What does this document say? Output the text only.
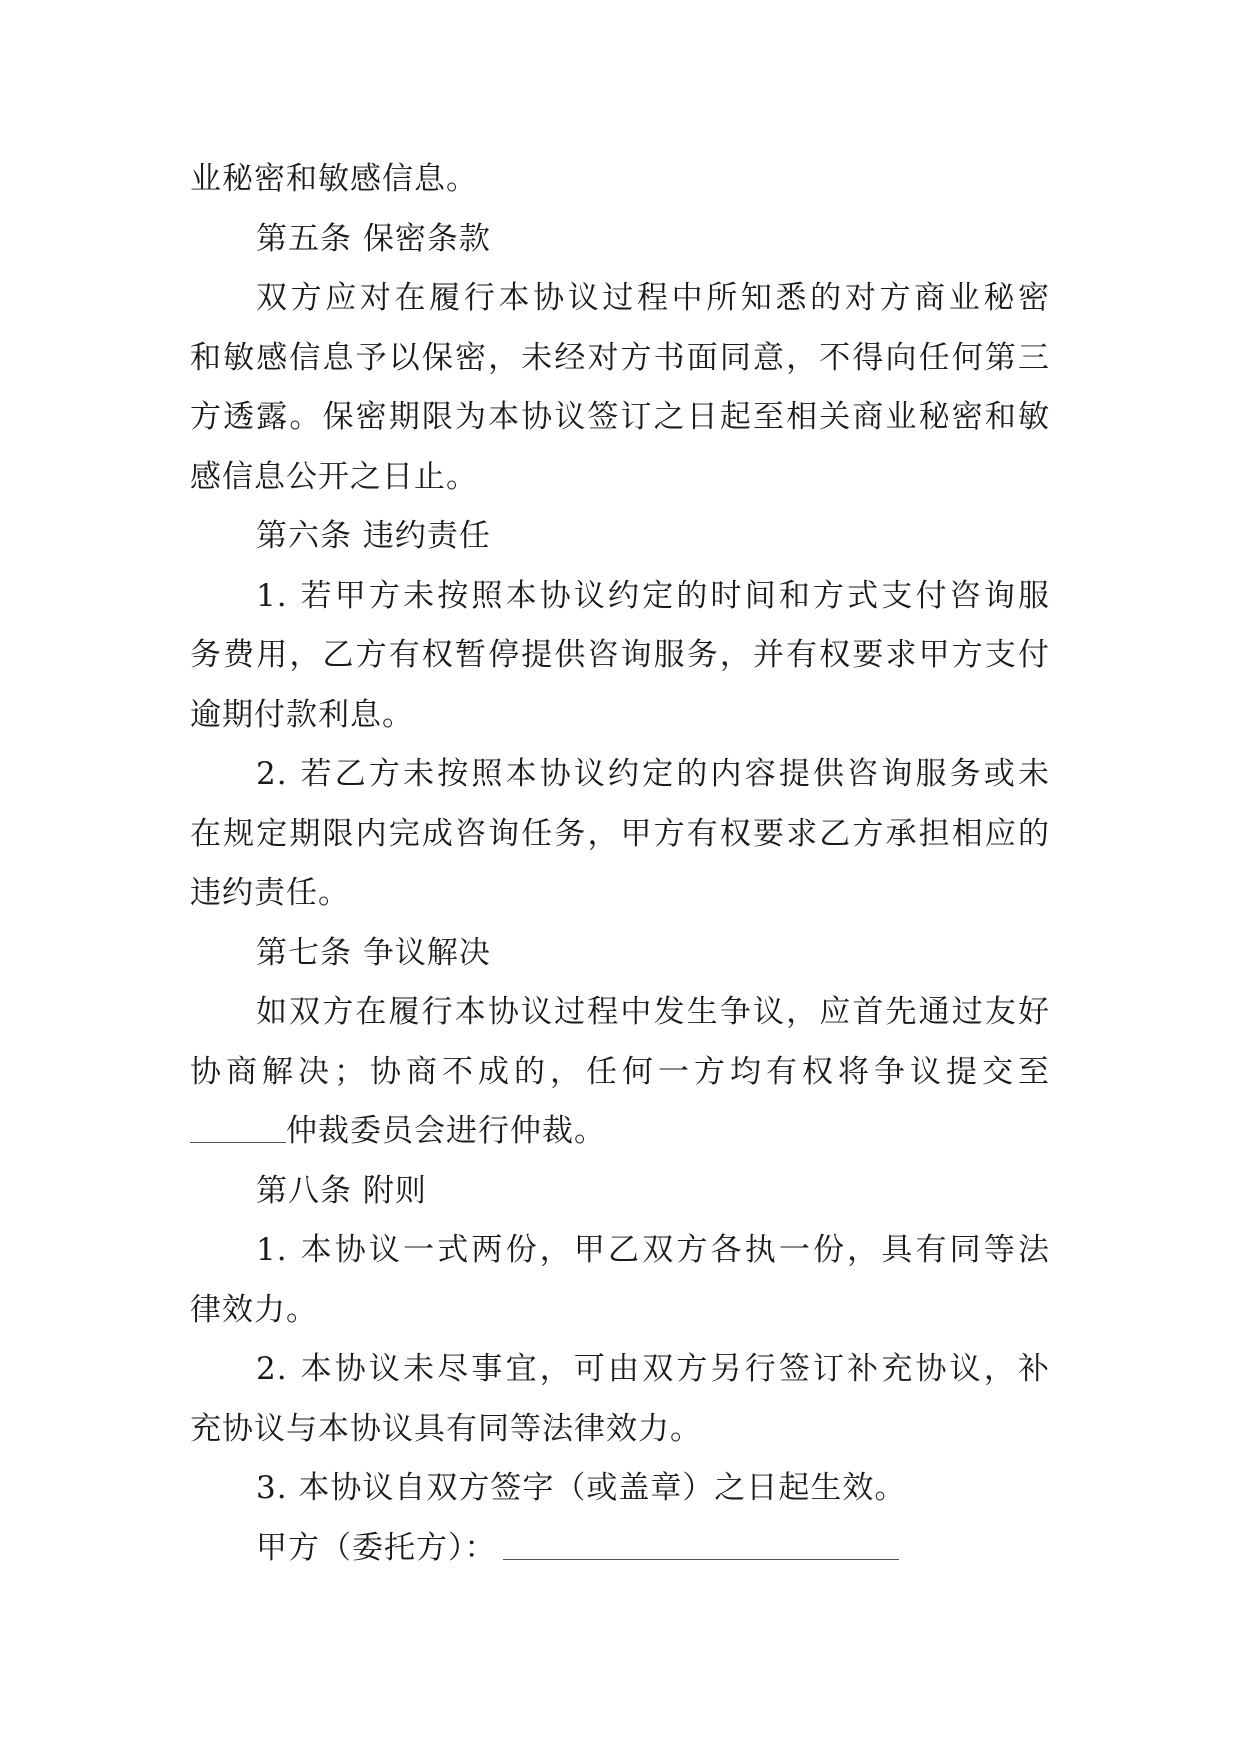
业秘密和敏感信息。
第五条 保密条款
双方应对在履行本协议过程中所知悉的对方商业秘密
和敏感信息予以保密，未经对方书面同意，不得向任何第三
方透露。保密期限为本协议签订之日起至相关商业秘密和敏
感信息公开之日止。
第六条 违约责任
1. 若甲方未按照本协议约定的时间和方式支付咨询服
务费用，乙方有权暂停提供咨询服务，并有权要求甲方支付
逾期付款利息。
2. 若乙方未按照本协议约定的内容提供咨询服务或未
在规定期限内完成咨询任务，甲方有权要求乙方承担相应的
违约责任。
第七条 争议解决
如双方在履行本协议过程中发生争议，应首先通过友好
协商解决；协商不成的，任何一方均有权将争议提交至
仲裁委员会进行仲裁。
第八条 附则
1. 本协议一式两份，甲乙双方各执一份，具有同等法
律效力。
2. 本协议未尽事宜，可由双方另行签订补充协议，补
充协议与本协议具有同等法律效力。
3. 本协议自双方签字（或盖章）之日起生效。
甲方（委托方）：
